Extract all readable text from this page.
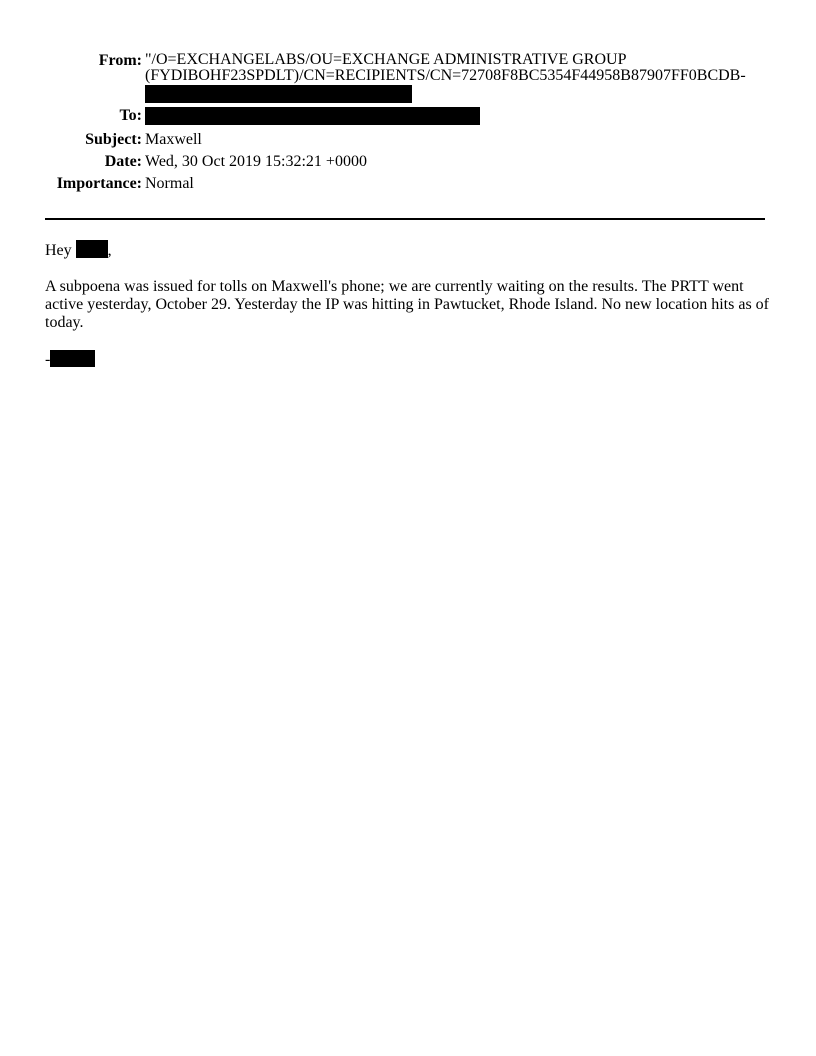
From: "/O=EXCHANGELABS/OU=EXCHANGE ADMINISTRATIVE GROUP
(FYDIBOHF23SPDLT)/CN=RECIPIENTS/CN=72708F8BC5354F44958B87907FF0BCDB-
To:
Subject: Maxwell
Date: Wed, 30 Oct 2019 15:32:21 +0000
Importance: Normal

Hey ,

A subpoena was issued for tolls on Maxwell's phone; we are currently waiting on the results. The PRTT went active yesterday, October 29. Yesterday the IP was hitting in Pawtucket, Rhode Island. No new location hits as of today.

-
